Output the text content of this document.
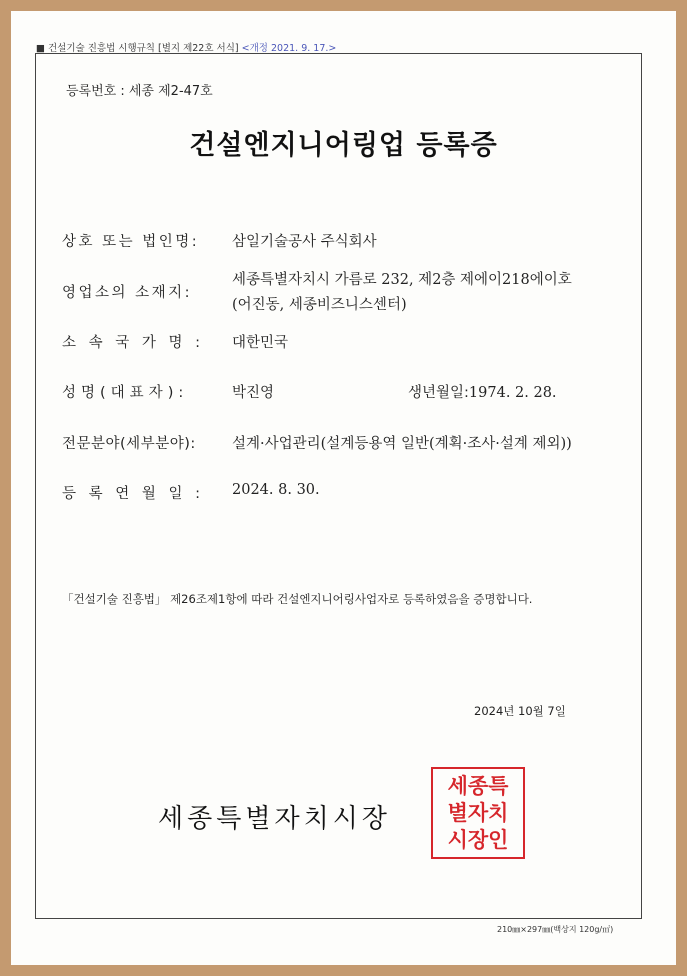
■ 건설기술 진흥법 시행규칙 [별지 제22호 서식] <개정 2021. 9. 17.>
등록번호 : 세종 제2-47호
건설엔지니어링업 등록증
상호 또는 법인명: 삼일기술공사 주식회사
영업소의 소재지:
세종특별자치시 가름로 232, 제2층 제에이218에이호
(어진동, 세종비즈니스센터)
소 속 국 가 명 : 대한민국
성명(대표자):	박진영	생년월일:1974. 2. 28.
전문분야(세부분야): 설계·사업관리(설계등용역 일반(계획·조사·설계 제외))
등 록 연 월 일 : 2024. 8. 30.
「건설기술 진흥법」 제26조제1항에 따라 건설엔지니어링사업자로 등록하였음을 증명합니다.
2024년 10월 7일
세종특별자치시장
세종특
별자치
시장인
210㎜×297㎜(백상지 120g/㎡)
